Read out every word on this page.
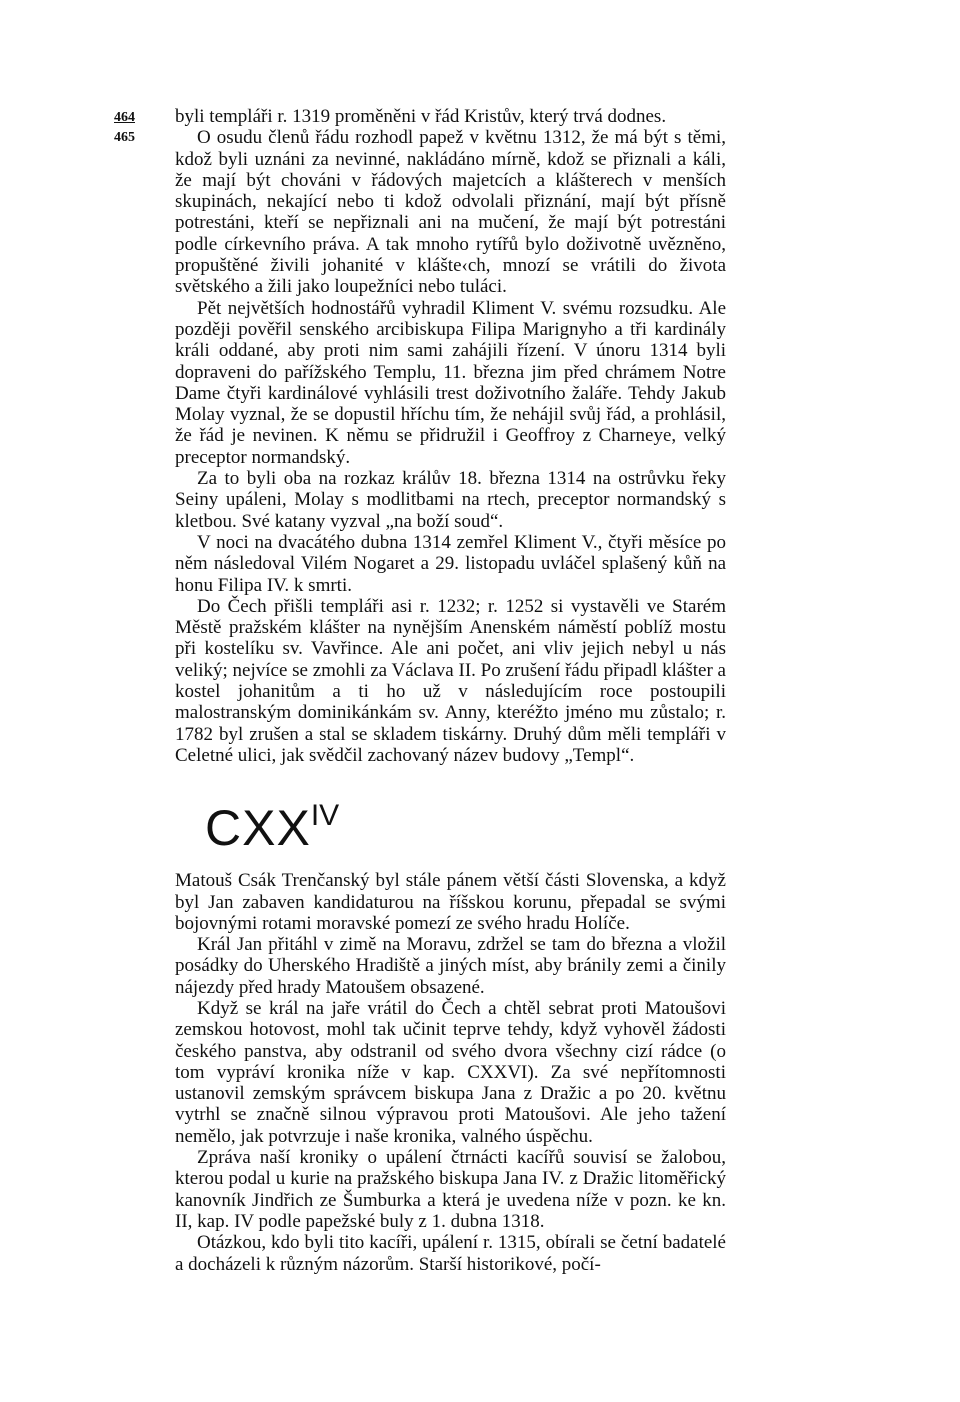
464
465

byli templáři r. 1319 proměněni v řád Kristův, který trvá dodnes.

O osudu členů řádu rozhodl papež v květnu 1312, že má být s těmi, kdož byli uznáni za nevinné, nakládáno mírně, kdož se přiznali a káli, že mají být chováni v řádových majetcích a klášterech v menších skupinách, nekající nebo ti kdož odvolali přiznání, mají být přísně potrestáni, kteří se nepřiznali ani na mučení, že mají být potrestáni podle církevního práva. A tak mnoho rytířů bylo doživotně uvězněno, propuštěné živili johanité v klášte‹ch, mnozí se vrátili do života světského a žili jako loupežníci nebo tuláci.

Pět největších hodnostářů vyhradil Kliment V. svému rozsudku. Ale později pověřil senského arcibiskupa Filipa Marignyho a tři kardinály králi oddané, aby proti nim sami zahájili řízení. V únoru 1314 byli dopraveni do pařížského Templu, 11. března jim před chrámem Notre Dame čtyři kardinálové vyhlásili trest doživotního žaláře. Tehdy Jakub Molay vyznal, že se dopustil hříchu tím, že nehájil svůj řád, a prohlásil, že řád je nevinen. K němu se přidružil i Geoffroy z Charneye, velký preceptor normandský.

Za to byli oba na rozkaz králův 18. března 1314 na ostrůvku řeky Seiny upáleni, Molay s modlitbami na rtech, preceptor normandský s kletbou. Své katany vyzval „na boží soud“.

V noci na dvacátého dubna 1314 zemřel Kliment V., čtyři měsíce po něm následoval Vilém Nogaret a 29. listopadu uvláčel splašený kůň na honu Filipa IV. k smrti.

Do Čech přišli templáři asi r. 1232; r. 1252 si vystavěli ve Starém Městě pražském klášter na nynějším Anenském náměstí poblíž mostu při kostelíku sv. Vavřince. Ale ani počet, ani vliv jejich nebyl u nás veliký; nejvíce se zmohli za Václava II. Po zrušení řádu připadl klášter a kostel johanitům a ti ho už v následujícím roce postoupili malostranským dominikánkám sv. Anny, kteréžto jméno mu zůstalo; r. 1782 byl zrušen a stal se skladem tiskárny. Druhý dům měli templáři v Celetné ulici, jak svědčil zachovaný název budovy „Templ“.

$CXX^{IV}$

Matouš Csák Trenčanský byl stále pánem větší části Slovenska, a když byl Jan zabaven kandidaturou na říšskou korunu, přepadal se svými bojovnými rotami moravské pomezí ze svého hradu Holíče.

Král Jan přitáhl v zimě na Moravu, zdržel se tam do března a vložil posádky do Uherského Hradiště a jiných míst, aby bránily zemi a činily nájezdy před hrady Matoušem obsazené.

Když se král na jaře vrátil do Čech a chtěl sebrat proti Matoušovi zemskou hotovost, mohl tak učinit teprve tehdy, když vyhověl žádosti českého panstva, aby odstranil od svého dvora všechny cizí rádce (o tom vypráví kronika níže v kap. CXXVI). Za své nepřítomnosti ustanovil zemským správcem biskupa Jana z Dražic a po 20. květnu vytrhl se značně silnou výpravou proti Matoušovi. Ale jeho tažení nemělo, jak potvrzuje i naše kronika, valného úspěchu.

Zpráva naší kroniky o upálení čtrnácti kacířů souvisí se žalobou, kterou podal u kurie na pražského biskupa Jana IV. z Dražic litoměřický kanovník Jindřich ze Šumburka a která je uvedena níže v pozn. ke kn. II, kap. IV podle papežské buly z 1. dubna 1318.

Otázkou, kdo byli tito kacíři, upálení r. 1315, obírali se četní badatelé a docházeli k různým názorům. Starší historikové, počí-
